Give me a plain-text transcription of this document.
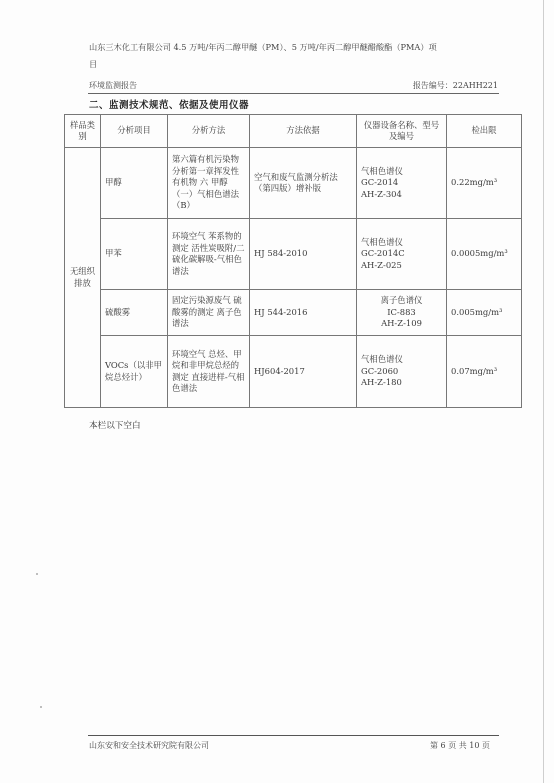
山东三木化工有限公司 4.5 万吨/年丙二醇甲醚（PM）、5 万吨/年丙二醇甲醚醋酸酯（PMA）项
目
环境监测报告	报告编号：22AHH221
二、监测技术规范、依据及使用仪器
样品类别	分析项目	分析方法	方法依据	仪器设备名称、型号及编号	检出限
无组织排放	甲醇	第六篇有机污染物分析第一章挥发性有机物 六 甲醇（一）气相色谱法（B）	空气和废气监测分析法（第四版）增补版	气相色谱仪
GC-2014
AH-Z-304	0.22mg/m³
	甲苯	环境空气 苯系物的测定 活性炭吸附/二硫化碳解吸-气相色谱法	HJ 584-2010	气相色谱仪
GC-2014C
AH-Z-025	0.0005mg/m³
	硫酸雾	固定污染源废气 硫酸雾的测定 离子色谱法	HJ 544-2016	离子色谱仪
IC-883
AH-Z-109	0.005mg/m³
	VOCs（以非甲烷总烃计）	环境空气 总烃、甲烷和非甲烷总烃的测定 直接进样-气相色谱法	HJ604-2017	气相色谱仪
GC-2060
AH-Z-180	0.07mg/m³
本栏以下空白
山东安和安全技术研究院有限公司	第 6 页 共 10 页
